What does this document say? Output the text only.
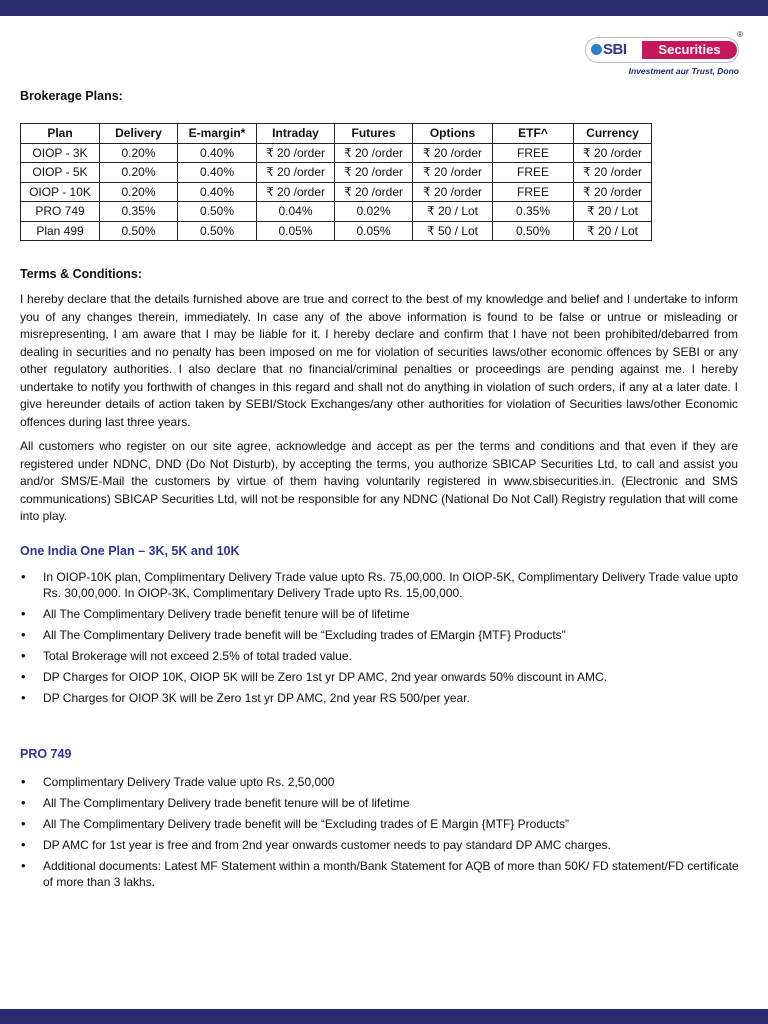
SBI	Securities
®
Investment aur Trust, Dono
Brokerage Plans:
Plan	Delivery	E-margin*	Intraday	Futures	Options	ETF^	Currency
OIOP - 3K	0.20%	0.40%	₹ 20 /order	₹ 20 /order	₹ 20 /order	FREE	₹ 20 /order
OIOP - 5K	0.20%	0.40%	₹ 20 /order	₹ 20 /order	₹ 20 /order	FREE	₹ 20 /order
OIOP - 10K	0.20%	0.40%	₹ 20 /order	₹ 20 /order	₹ 20 /order	FREE	₹ 20 /order
PRO 749	0.35%	0.50%	0.04%	0.02%	₹ 20 / Lot	0.35%	₹ 20 / Lot
Plan 499	0.50%	0.50%	0.05%	0.05%	₹ 50 / Lot	0.50%	₹ 20 / Lot
Terms & Conditions:
I hereby declare that the details furnished above are true and correct to the best of my knowledge and belief and I undertake to inform you of any changes therein, immediately. In case any of the above information is found to be false or untrue or misleading or misrepresenting, I am aware that I may be liable for it. I hereby declare and confirm that I have not been prohibited/debarred from dealing in securities and no penalty has been imposed on me for violation of securities laws/other economic offences by SEBI or any other regulatory authorities. I also declare that no financial/criminal penalties or proceedings are pending against me. I hereby undertake to notify you forthwith of changes in this regard and shall not do anything in violation of such orders, if any at a later date. I give hereunder details of action taken by SEBI/Stock Exchanges/any other authorities for violation of Securities laws/other Economic offences during last three years.
All customers who register on our site agree, acknowledge and accept as per the terms and conditions and that even if they are registered under NDNC, DND (Do Not Disturb), by accepting the terms, you authorize SBICAP Securities Ltd, to call and assist you and/or SMS/E-Mail the customers by virtue of them having voluntarily registered in www.sbisecurities.in. (Electronic and SMS communications) SBICAP Securities Ltd, will not be responsible for any NDNC (National Do Not Call) Registry regulation that will come into play.
One India One Plan – 3K, 5K and 10K
• In OIOP-10K plan, Complimentary Delivery Trade value upto Rs. 75,00,000. In OIOP-5K, Complimentary Delivery Trade value upto Rs. 30,00,000. In OIOP-3K, Complimentary Delivery Trade upto Rs. 15,00,000.
• All The Complimentary Delivery trade benefit tenure will be of lifetime
• All The Complimentary Delivery trade benefit will be “Excluding trades of EMargin {MTF} Products”
• Total Brokerage will not exceed 2.5% of total traded value.
• DP Charges for OIOP 10K, OIOP 5K will be Zero 1st yr DP AMC, 2nd year onwards 50% discount in AMC.
• DP Charges for OIOP 3K will be Zero 1st yr DP AMC, 2nd year RS 500/per year.
PRO 749
• Complimentary Delivery Trade value upto Rs. 2,50,000
• All The Complimentary Delivery trade benefit tenure will be of lifetime
• All The Complimentary Delivery trade benefit will be “Excluding trades of E Margin {MTF} Products”
• DP AMC for 1st year is free and from 2nd year onwards customer needs to pay standard DP AMC charges.
• Additional documents: Latest MF Statement within a month/Bank Statement for AQB of more than 50K/ FD statement/FD certificate of more than 3 lakhs.
